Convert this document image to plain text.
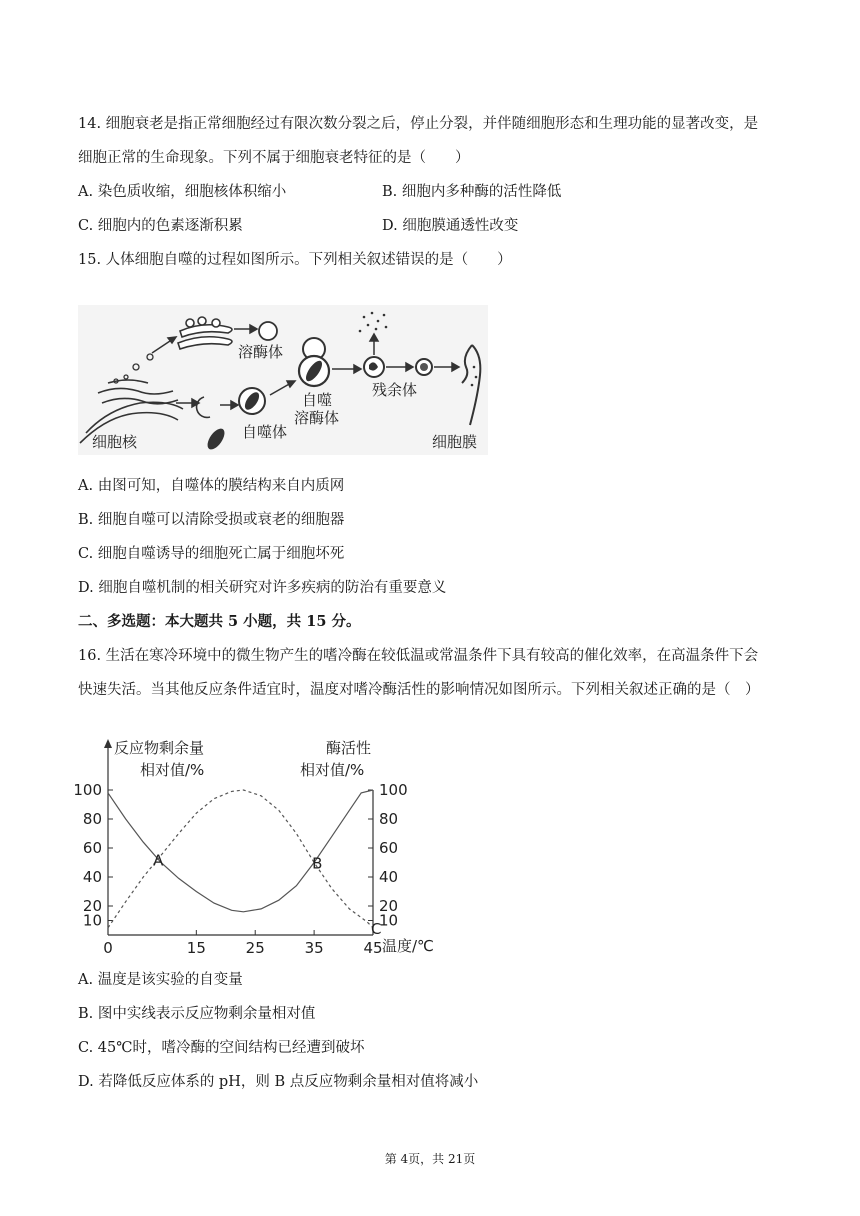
14. 细胞衰老是指正常细胞经过有限次数分裂之后，停止分裂，并伴随细胞形态和生理功能的显著改变，是
细胞正常的生命现象。下列不属于细胞衰老特征的是（　　）
A. 染色质收缩，细胞核体积缩小	B. 细胞内多种酶的活性降低
C. 细胞内的色素逐渐积累	D. 细胞膜通透性改变
15. 人体细胞自噬的过程如图所示。下列相关叙述错误的是（　　）
溶酶体
自噬
溶酶体
残余体
细胞核
自噬体
细胞膜
A. 由图可知，自噬体的膜结构来自内质网
B. 细胞自噬可以清除受损或衰老的细胞器
C. 细胞自噬诱导的细胞死亡属于细胞坏死
D. 细胞自噬机制的相关研究对许多疾病的防治有重要意义
二、多选题：本大题共 5 小题，共 15 分。
16. 生活在寒冷环境中的微生物产生的嗜冷酶在较低温或常温条件下具有较高的催化效率，在高温条件下会
快速失活。当其他反应条件适宜时，温度对嗜冷酶活性的影响情况如图所示。下列相关叙述正确的是（　）
100	100
80	80
60	60
40	40
20	20
10	10
0	15	25	35	45
A	B
C
反应物剩余量
相对值/%
酶活性
相对值/%
温度/℃
A. 温度是该实验的自变量
B. 图中实线表示反应物剩余量相对值
C. 45℃时，嗜冷酶的空间结构已经遭到破坏
D. 若降低反应体系的 pH，则 B 点反应物剩余量相对值将减小
第 4页，共 21页
